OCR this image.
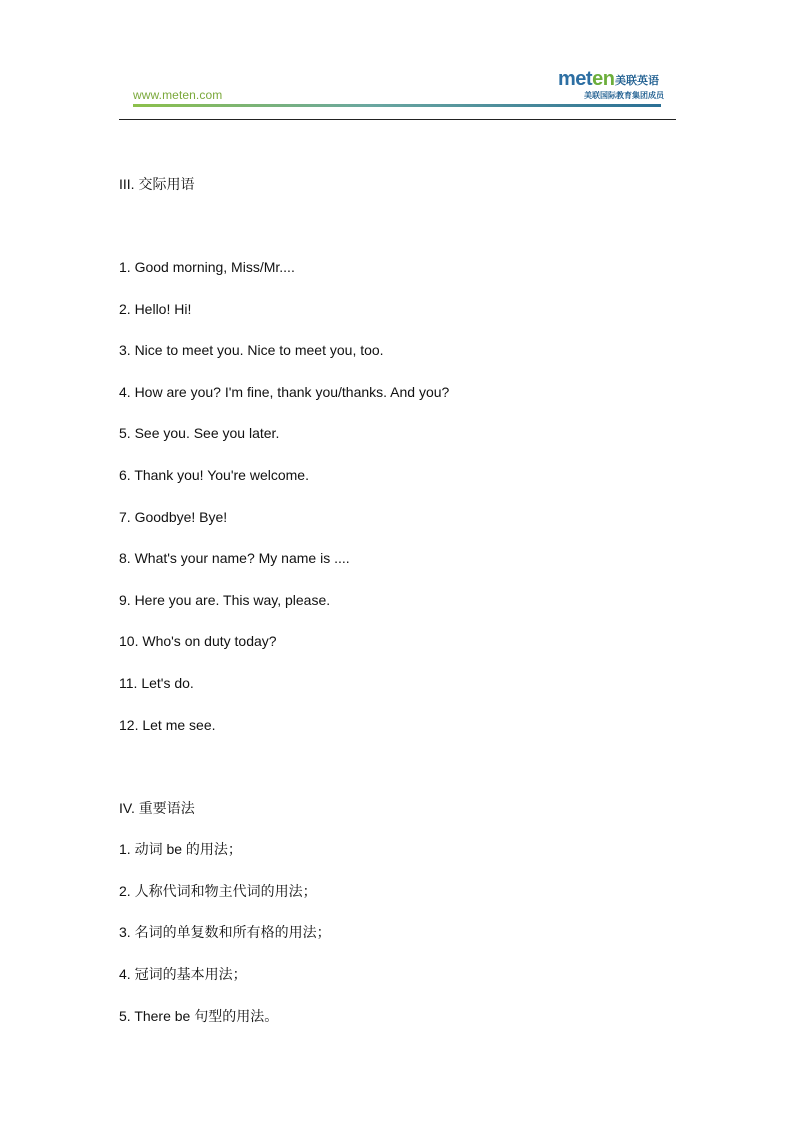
www.meten.com
meten 美联英语
美联国际教育集团成员
III. 交际用语
1. Good morning, Miss/Mr....
2. Hello! Hi!
3. Nice to meet you. Nice to meet you, too.
4. How are you? I'm fine, thank you/thanks. And you?
5. See you. See you later.
6. Thank you! You're welcome.
7. Goodbye! Bye!
8. What's your name? My name is ....
9. Here you are. This way, please.
10. Who's on duty today?
11. Let's do.
12. Let me see.
IV. 重要语法
1. 动词 be 的用法；
2. 人称代词和物主代词的用法；
3. 名词的单复数和所有格的用法；
4. 冠词的基本用法；
5. There be 句型的用法。
